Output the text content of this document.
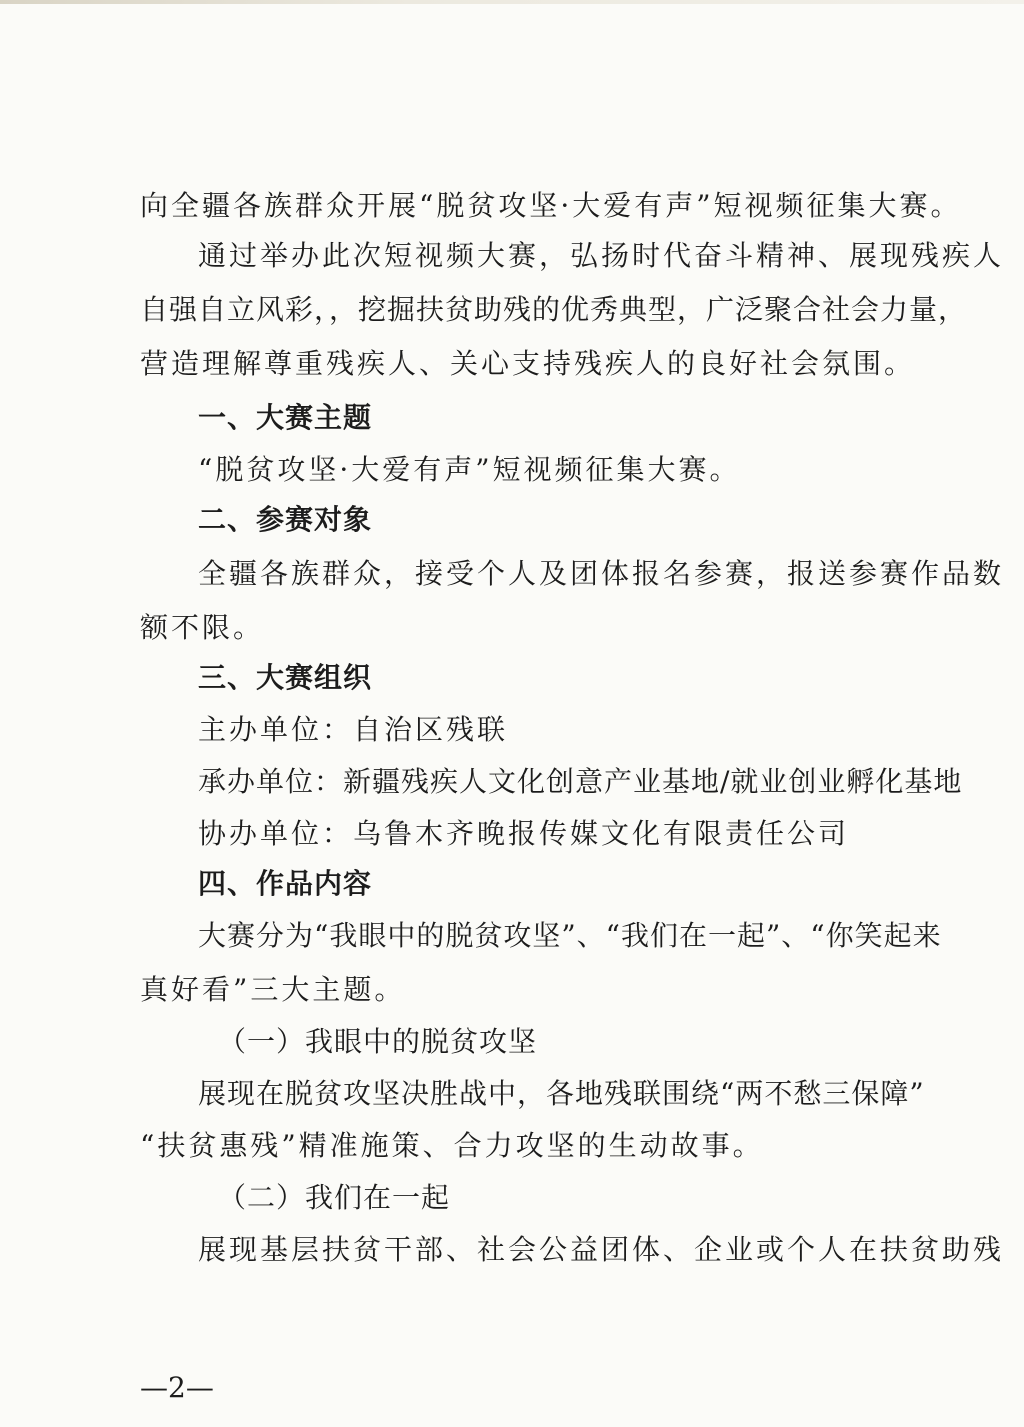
向全疆各族群众开展“脱贫攻坚·大爱有声”短视频征集大赛。
通过举办此次短视频大赛，弘扬时代奋斗精神、展现残疾人
自强自立风彩，，挖掘扶贫助残的优秀典型，广泛聚合社会力量，
营造理解尊重残疾人、关心支持残疾人的良好社会氛围。
一、大赛主题
“脱贫攻坚·大爱有声”短视频征集大赛。
二、参赛对象
全疆各族群众，接受个人及团体报名参赛，报送参赛作品数
额不限。
三、大赛组织
主办单位：自治区残联
承办单位：新疆残疾人文化创意产业基地/就业创业孵化基地
协办单位：乌鲁木齐晚报传媒文化有限责任公司
四、作品内容
大赛分为“我眼中的脱贫攻坚”、“我们在一起”、“你笑起来
真好看”三大主题。
（一）我眼中的脱贫攻坚
展现在脱贫攻坚决胜战中，各地残联围绕“两不愁三保障”
“扶贫惠残”精准施策、合力攻坚的生动故事。
（二）我们在一起
展现基层扶贫干部、社会公益团体、企业或个人在扶贫助残
—2—
